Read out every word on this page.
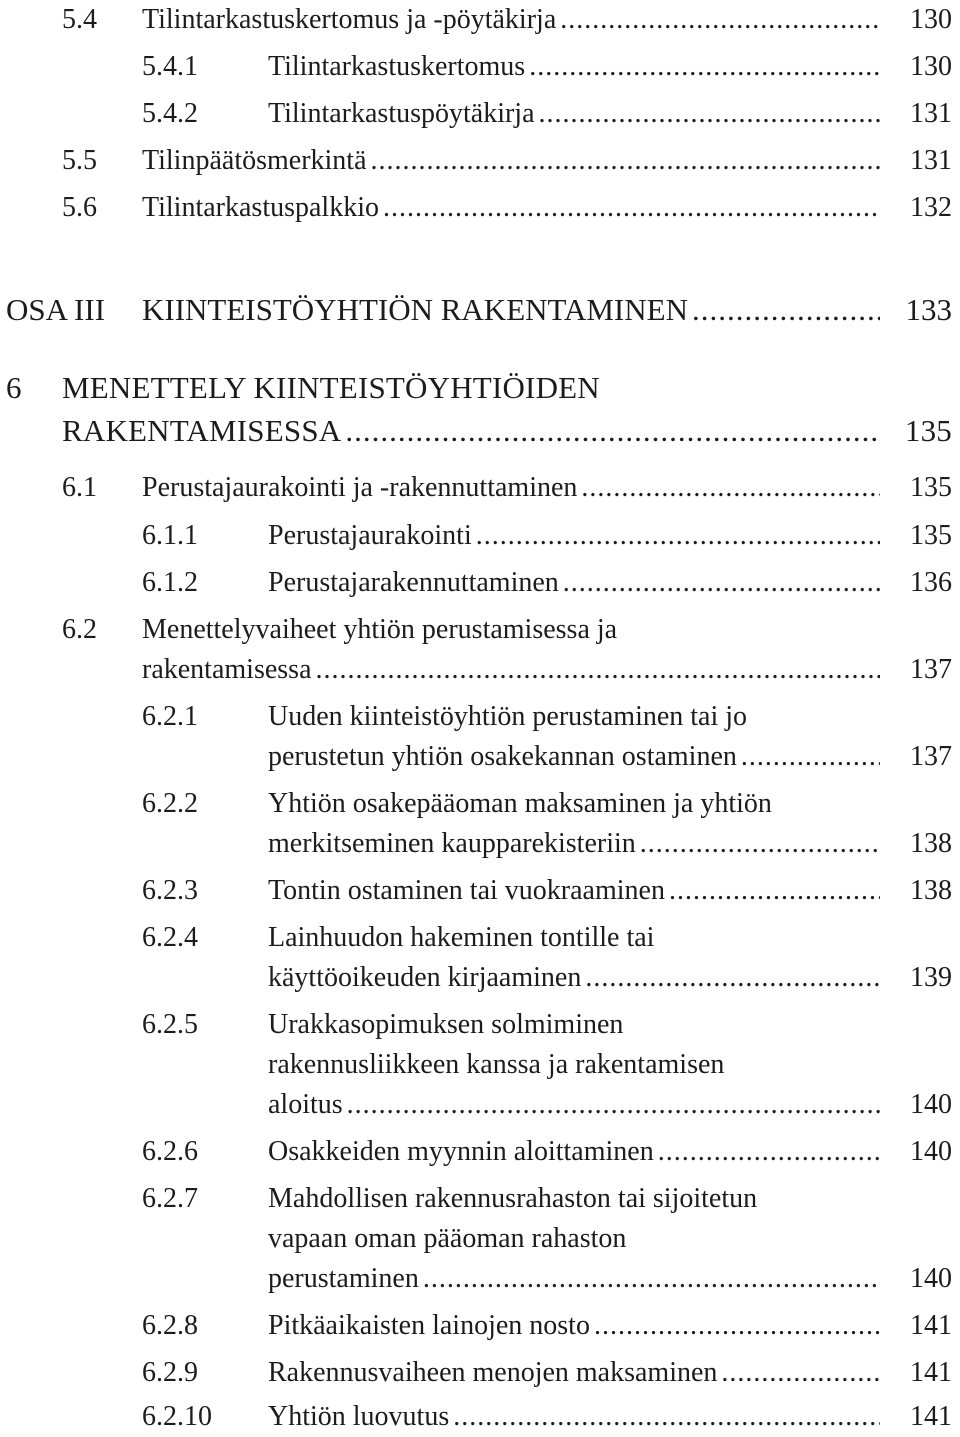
5.4 Tilintarkastuskertomus ja -pöytäkirja .....	130
5.4.1	Tilintarkastuskertomus .....	130
5.4.2	Tilintarkastuspöytäkirja .....	131
5.5 Tilinpäätösmerkintä .....	131
5.6 Tilintarkastuspalkkio .....	132
OSA III KIINTEISTÖYHTIÖN RAKENTAMINEN .....	133
6 MENETTELY KIINTEISTÖYHTIÖIDEN
RAKENTAMISESSA .....	135
6.1 Perustajaurakointi ja -rakennuttaminen .....	135
6.1.1	Perustajaurakointi .....	135
6.1.2	Perustajarakennuttaminen .....	136
6.2 Menettelyvaiheet yhtiön perustamisessa ja
rakentamisessa .....	137
6.2.1	Uuden kiinteistöyhtiön perustaminen tai jo
perustetun yhtiön osakekannan ostaminen .....	137
6.2.2	Yhtiön osakepääoman maksaminen ja yhtiön
merkitseminen kaupparekisteriin .....	138
6.2.3	Tontin ostaminen tai vuokraaminen .....	138
6.2.4	Lainhuudon hakeminen tontille tai
käyttöoikeuden kirjaaminen .....	139
6.2.5	Urakkasopimuksen solmiminen
rakennusliikkeen kanssa ja rakentamisen
aloitus .....	140
6.2.6	Osakkeiden myynnin aloittaminen .....	140
6.2.7	Mahdollisen rakennusrahaston tai sijoitetun
vapaan oman pääoman rahaston
perustaminen .....	140
6.2.8	Pitkäaikaisten lainojen nosto .....	141
6.2.9	Rakennusvaiheen menojen maksaminen .....	141
6.2.10 Yhtiön luovutus .....	141
